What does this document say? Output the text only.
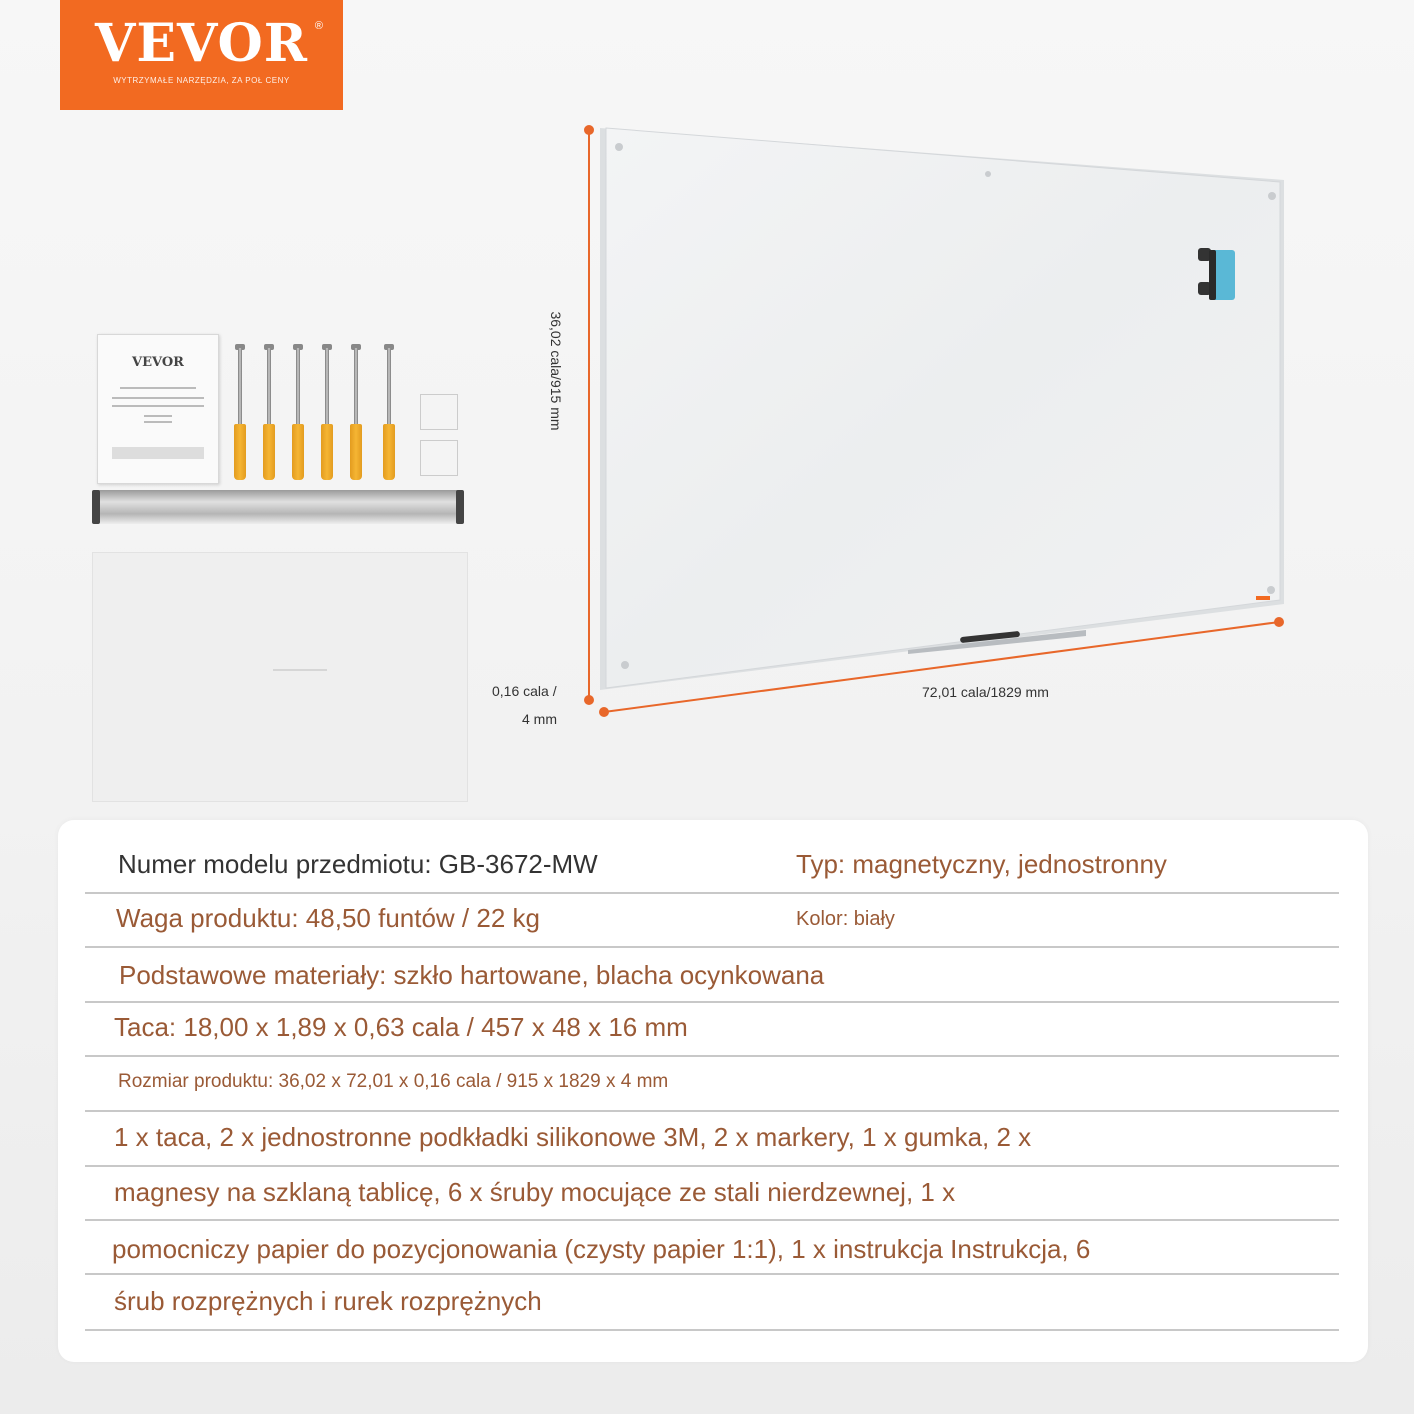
VEVOR ®
WYTRZYMAŁE NARZĘDZIA, ZA POŁ CENY
VEVOR	36,02 cala/915 mm
72,01 cala/1829 mm
0,16 cala /
4 mm
Numer modelu przedmiotu: GB-3672-MW	Typ: magnetyczny, jednostronny
Waga produktu: 48,50 funtów / 22 kg	Kolor: biały
Podstawowe materiały: szkło hartowane, blacha ocynkowana
Taca: 18,00 x 1,89 x 0,63 cala / 457 x 48 x 16 mm
Rozmiar produktu: 36,02 x 72,01 x 0,16 cala / 915 x 1829 x 4 mm
1 x taca, 2 x jednostronne podkładki silikonowe 3M, 2 x markery, 1 x gumka, 2 x
magnesy na szklaną tablicę, 6 x śruby mocujące ze stali nierdzewnej, 1 x
pomocniczy papier do pozycjonowania (czysty papier 1:1), 1 x instrukcja Instrukcja, 6
śrub rozprężnych i rurek rozprężnych
